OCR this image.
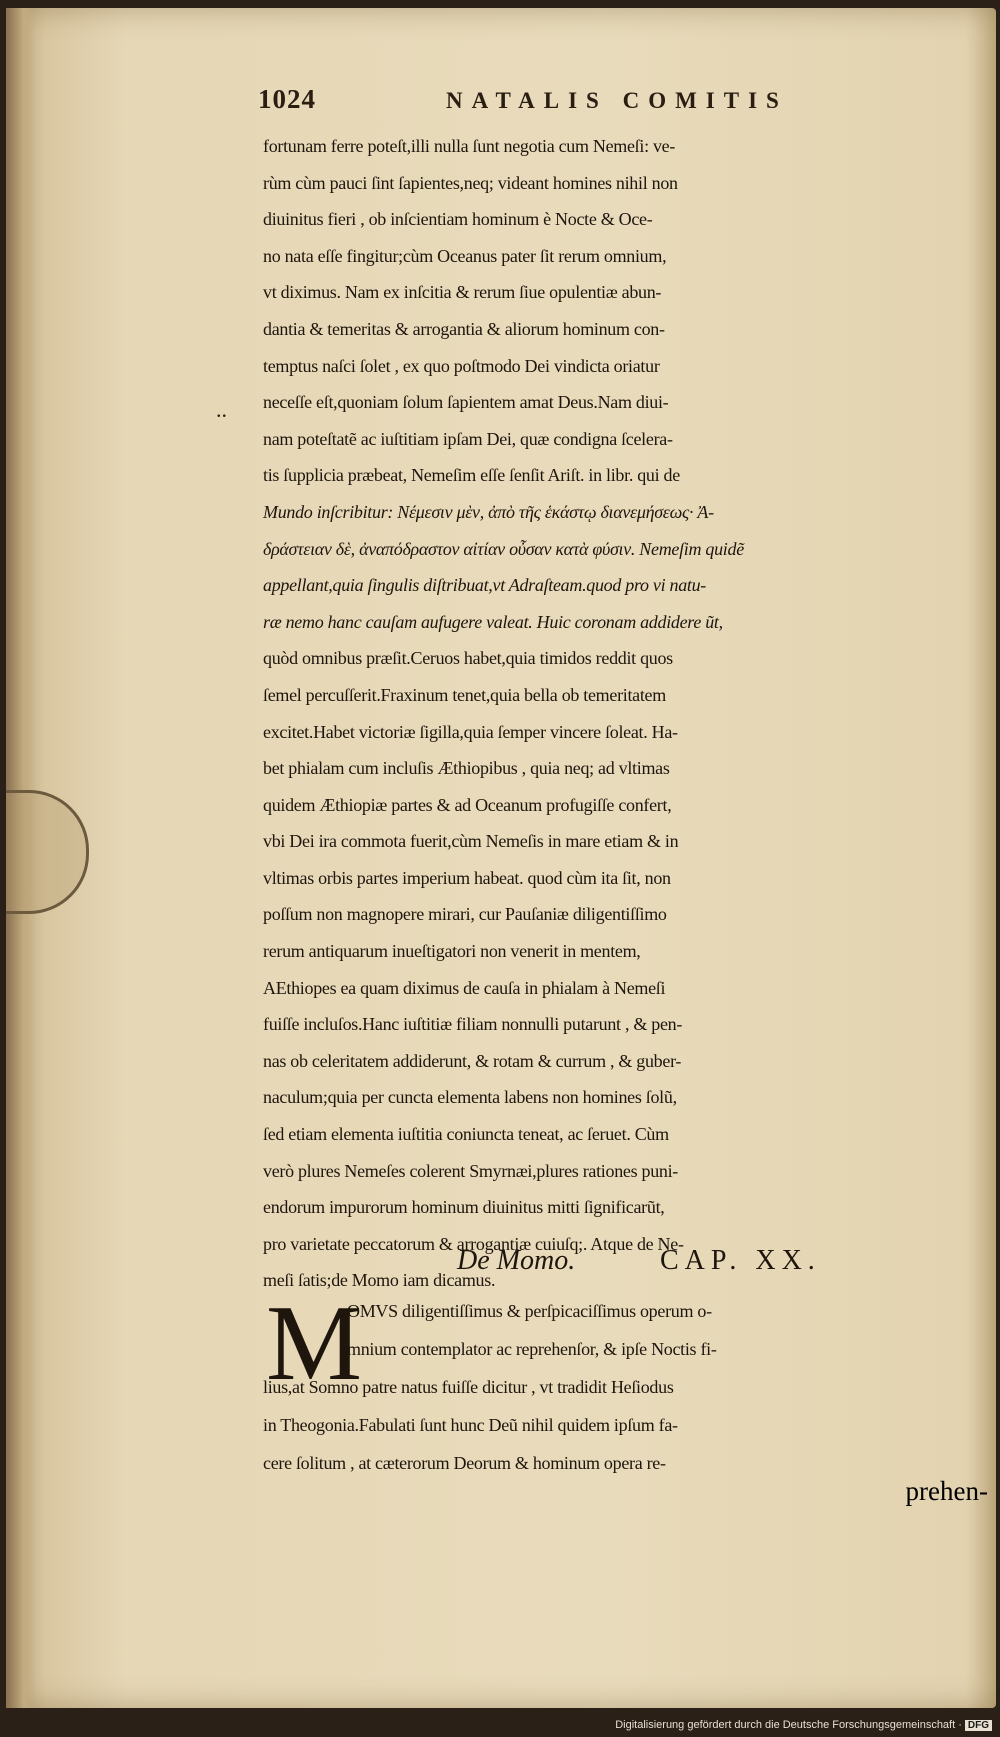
1024	NATALIS COMITIS
..
fortunam ferre poteſt,illi nulla ſunt negotia cum Nemeſi: ve-
rùm cùm pauci ſint ſapientes,neq; videant homines nihil non
diuinitus fieri , ob inſcientiam hominum è Nocte & Oce-
no nata eſſe fingitur;cùm Oceanus pater ſit rerum omnium,
vt diximus. Nam ex inſcitia & rerum ſiue opulentiæ abun-
dantia & temeritas & arrogantia & aliorum hominum con-
temptus naſci ſolet , ex quo poſtmodo Dei vindicta oriatur
neceſſe eſt,quoniam ſolum ſapientem amat Deus.Nam diui-
nam poteſtatẽ ac iuſtitiam ipſam Dei, quæ condigna ſcelera-
tis ſupplicia præbeat, Nemeſim eſſe ſenſit Ariſt. in libr. qui de
Mundo inſcribitur: Νέμεσιν μὲν, ἀπὸ τῆς ἑκάστῳ διανεμήσεως· Ἀ-
δράστειαν δὲ, ἀναπόδραστον αἰτίαν οὖσαν κατὰ φύσιν. Nemeſim quidẽ
appellant,quia ſingulis diſtribuat,vt Adraſteam.quod pro vi natu-
ræ nemo hanc cauſam aufugere valeat. Huic coronam addidere ũt,
quòd omnibus præſit.Ceruos habet,quia timidos reddit quos
ſemel percuſſerit.Fraxinum tenet,quia bella ob temeritatem
excitet.Habet victoriæ ſigilla,quia ſemper vincere ſoleat. Ha-
bet phialam cum incluſis Æthiopibus , quia neq; ad vltimas
quidem Æthiopiæ partes & ad Oceanum profugiſſe confert,
vbi Dei ira commota fuerit,cùm Nemeſis in mare etiam & in
vltimas orbis partes imperium habeat. quod cùm ita ſit, non
poſſum non magnopere mirari, cur Pauſaniæ diligentiſſimo
rerum antiquarum inueſtigatori non venerit in mentem,
AEthiopes ea quam diximus de cauſa in phialam à Nemeſi
fuiſſe incluſos.Hanc iuſtitiæ filiam nonnulli putarunt , & pen-
nas ob celeritatem addiderunt, & rotam & currum , & guber-
naculum;quia per cuncta elementa labens non homines ſolũ,
ſed etiam elementa iuſtitia coniuncta teneat, ac ſeruet. Cùm
verò plures Nemeſes colerent Smyrnæi,plures rationes puni-
endorum impurorum hominum diuinitus mitti ſignificarũt,
pro varietate peccatorum & arrogantiæ cuiuſq;. Atque de Ne-
meſi ſatis;de Momo iam dicamus.
De Momo.	CAP. XX.
M
OMVS diligentiſſimus & perſpicaciſſimus operum o-
mnium contemplator ac reprehenſor, & ipſe Noctis fi-
lius,at Somno patre natus fuiſſe dicitur , vt tradidit Heſiodus
in Theogonia.Fabulati ſunt hunc Deũ nihil quidem ipſum fa-
cere ſolitum , at cæterorum Deorum & hominum opera re-
prehen-
Digitalisierung gefördert durch die Deutsche Forschungsgemeinschaft · DFG
